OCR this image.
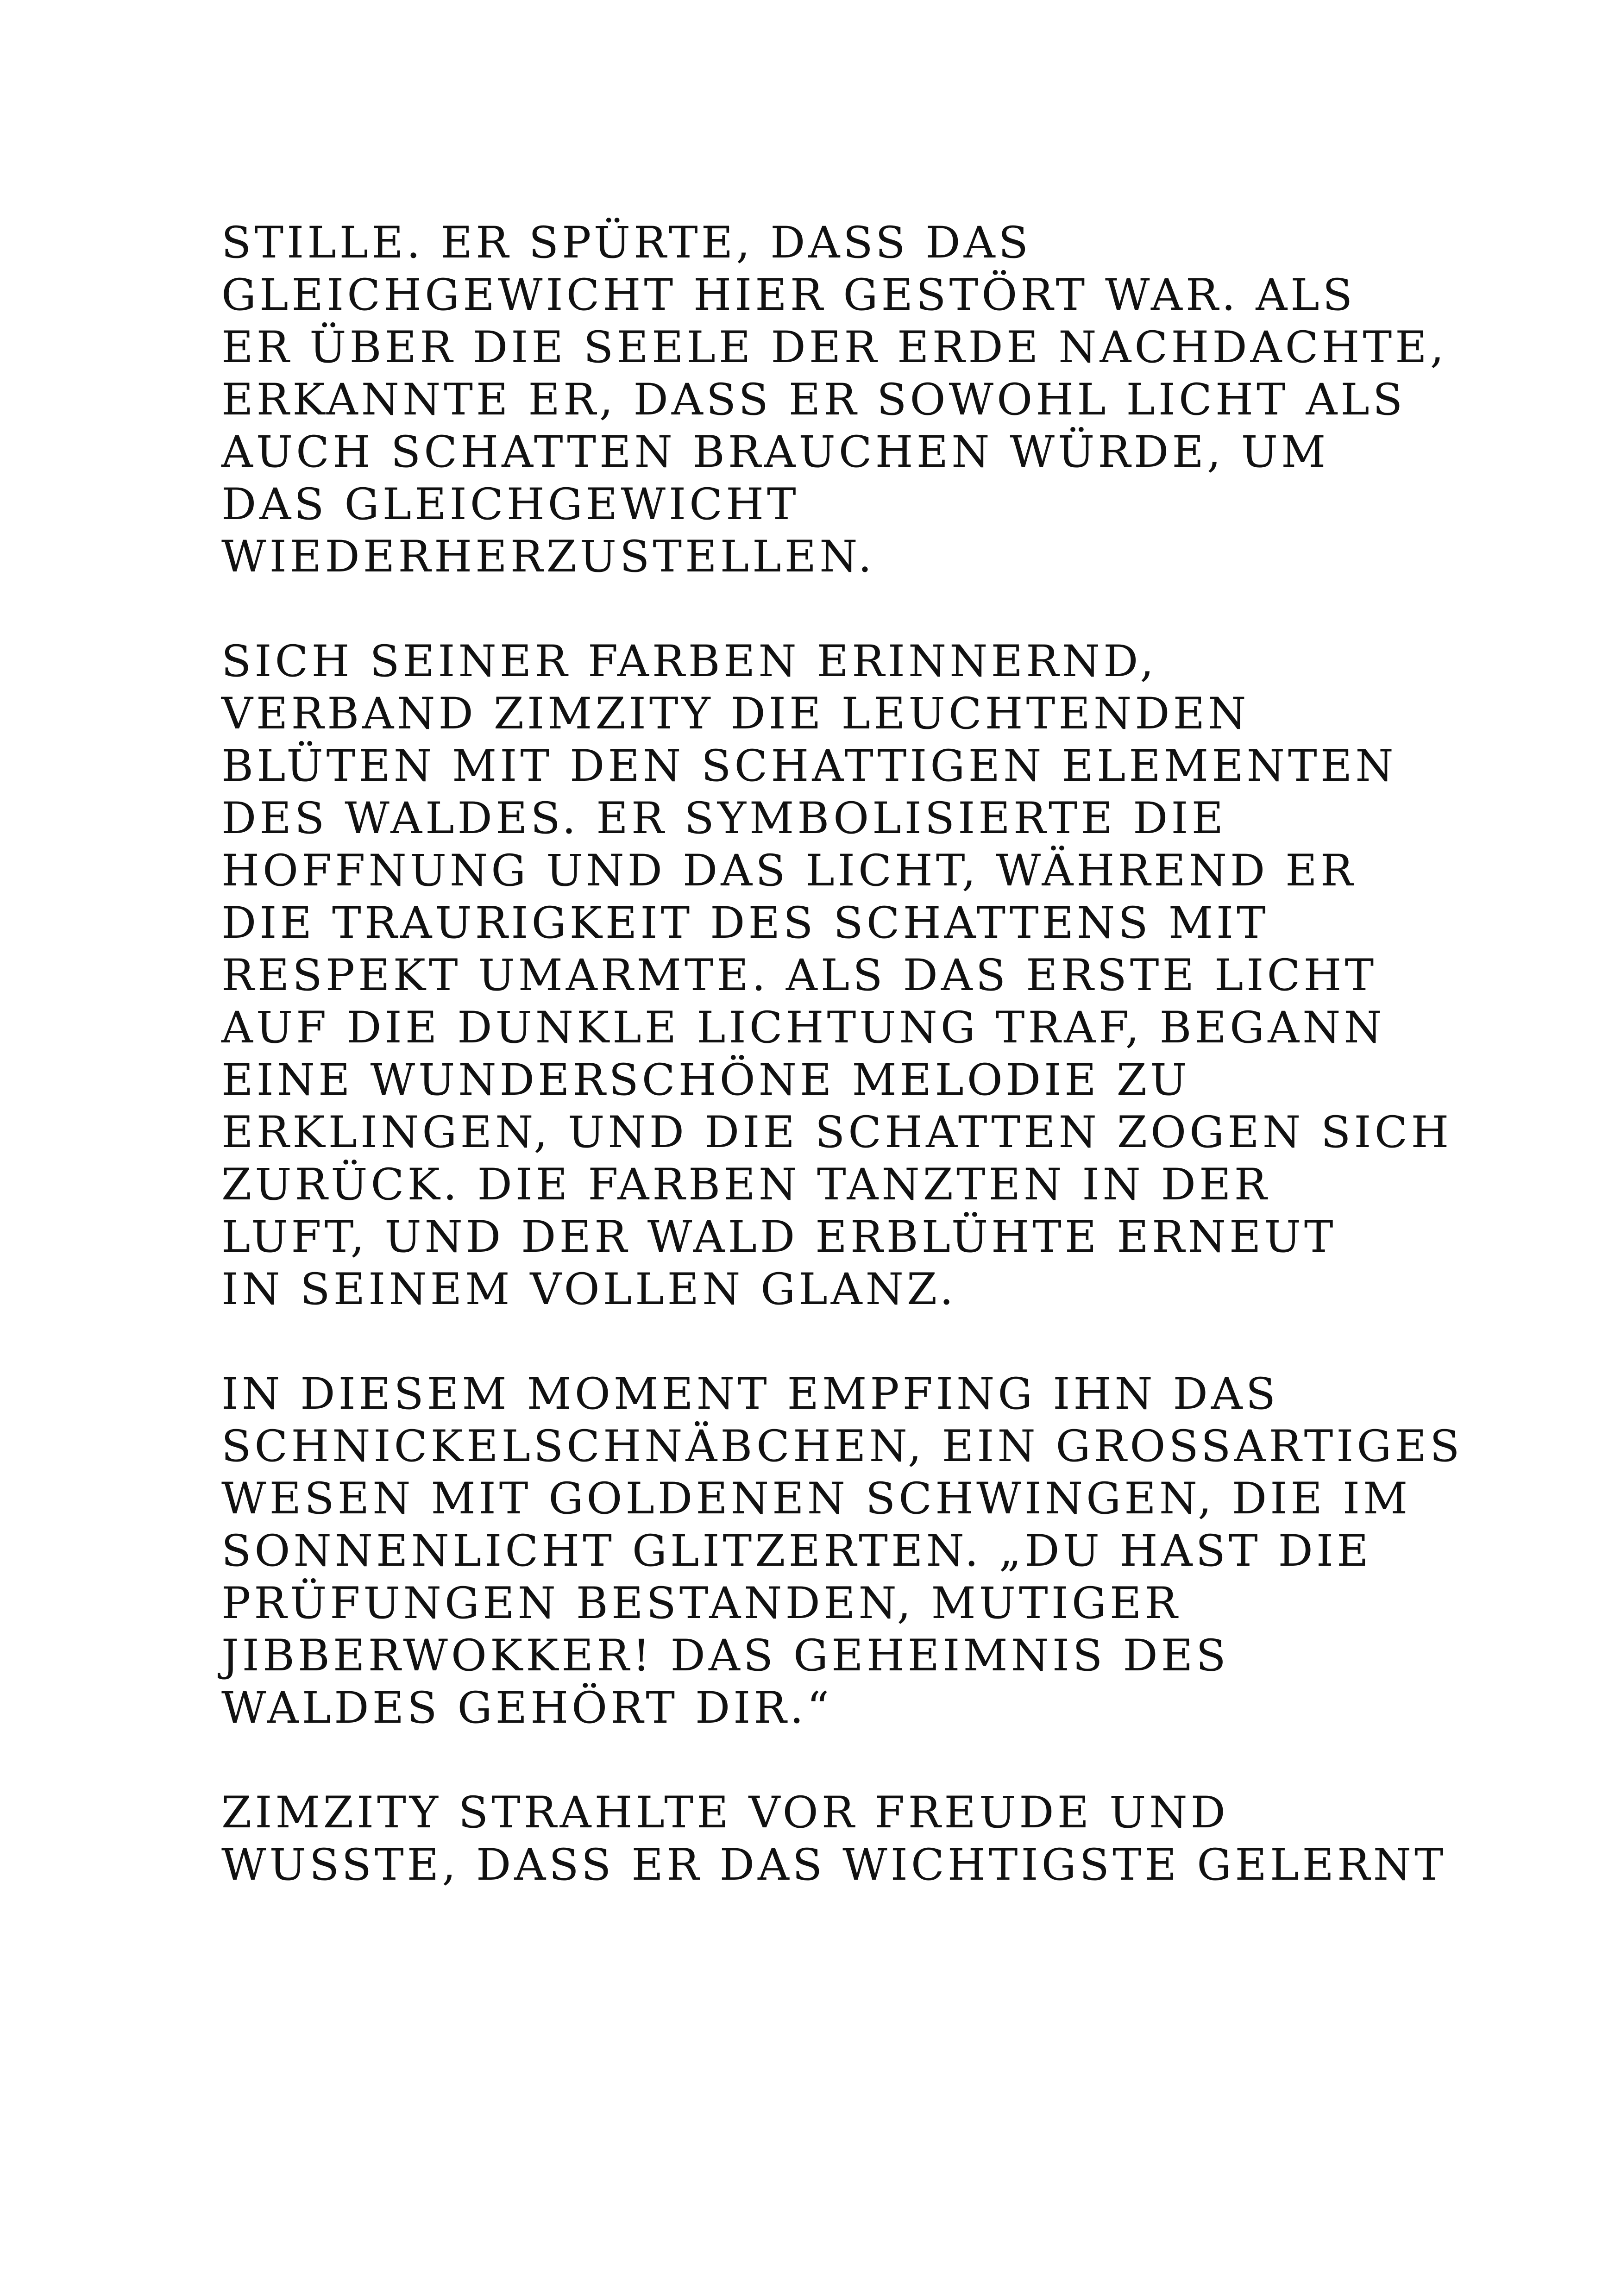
STILLE. ER SPÜRTE, DASS DAS
GLEICHGEWICHT HIER GESTÖRT WAR. ALS
ER ÜBER DIE SEELE DER ERDE NACHDACHTE,
ERKANNTE ER, DASS ER SOWOHL LICHT ALS
AUCH SCHATTEN BRAUCHEN WÜRDE, UM
DAS GLEICHGEWICHT
WIEDERHERZUSTELLEN.

SICH SEINER FARBEN ERINNERND,
VERBAND ZIMZITY DIE LEUCHTENDEN
BLÜTEN MIT DEN SCHATTIGEN ELEMENTEN
DES WALDES. ER SYMBOLISIERTE DIE
HOFFNUNG UND DAS LICHT, WÄHREND ER
DIE TRAURIGKEIT DES SCHATTENS MIT
RESPEKT UMARMTE. ALS DAS ERSTE LICHT
AUF DIE DUNKLE LICHTUNG TRAF, BEGANN
EINE WUNDERSCHÖNE MELODIE ZU
ERKLINGEN, UND DIE SCHATTEN ZOGEN SICH
ZURÜCK. DIE FARBEN TANZTEN IN DER
LUFT, UND DER WALD ERBLÜHTE ERNEUT
IN SEINEM VOLLEN GLANZ.

IN DIESEM MOMENT EMPFING IHN DAS
SCHNICKELSCHNÄBCHEN, EIN GROSSARTIGES
WESEN MIT GOLDENEN SCHWINGEN, DIE IM
SONNENLICHT GLITZERTEN. „DU HAST DIE
PRÜFUNGEN BESTANDEN, MUTIGER
JIBBERWOKKER! DAS GEHEIMNIS DES
WALDES GEHÖRT DIR.“

ZIMZITY STRAHLTE VOR FREUDE UND
WUSSTE, DASS ER DAS WICHTIGSTE GELERNT
